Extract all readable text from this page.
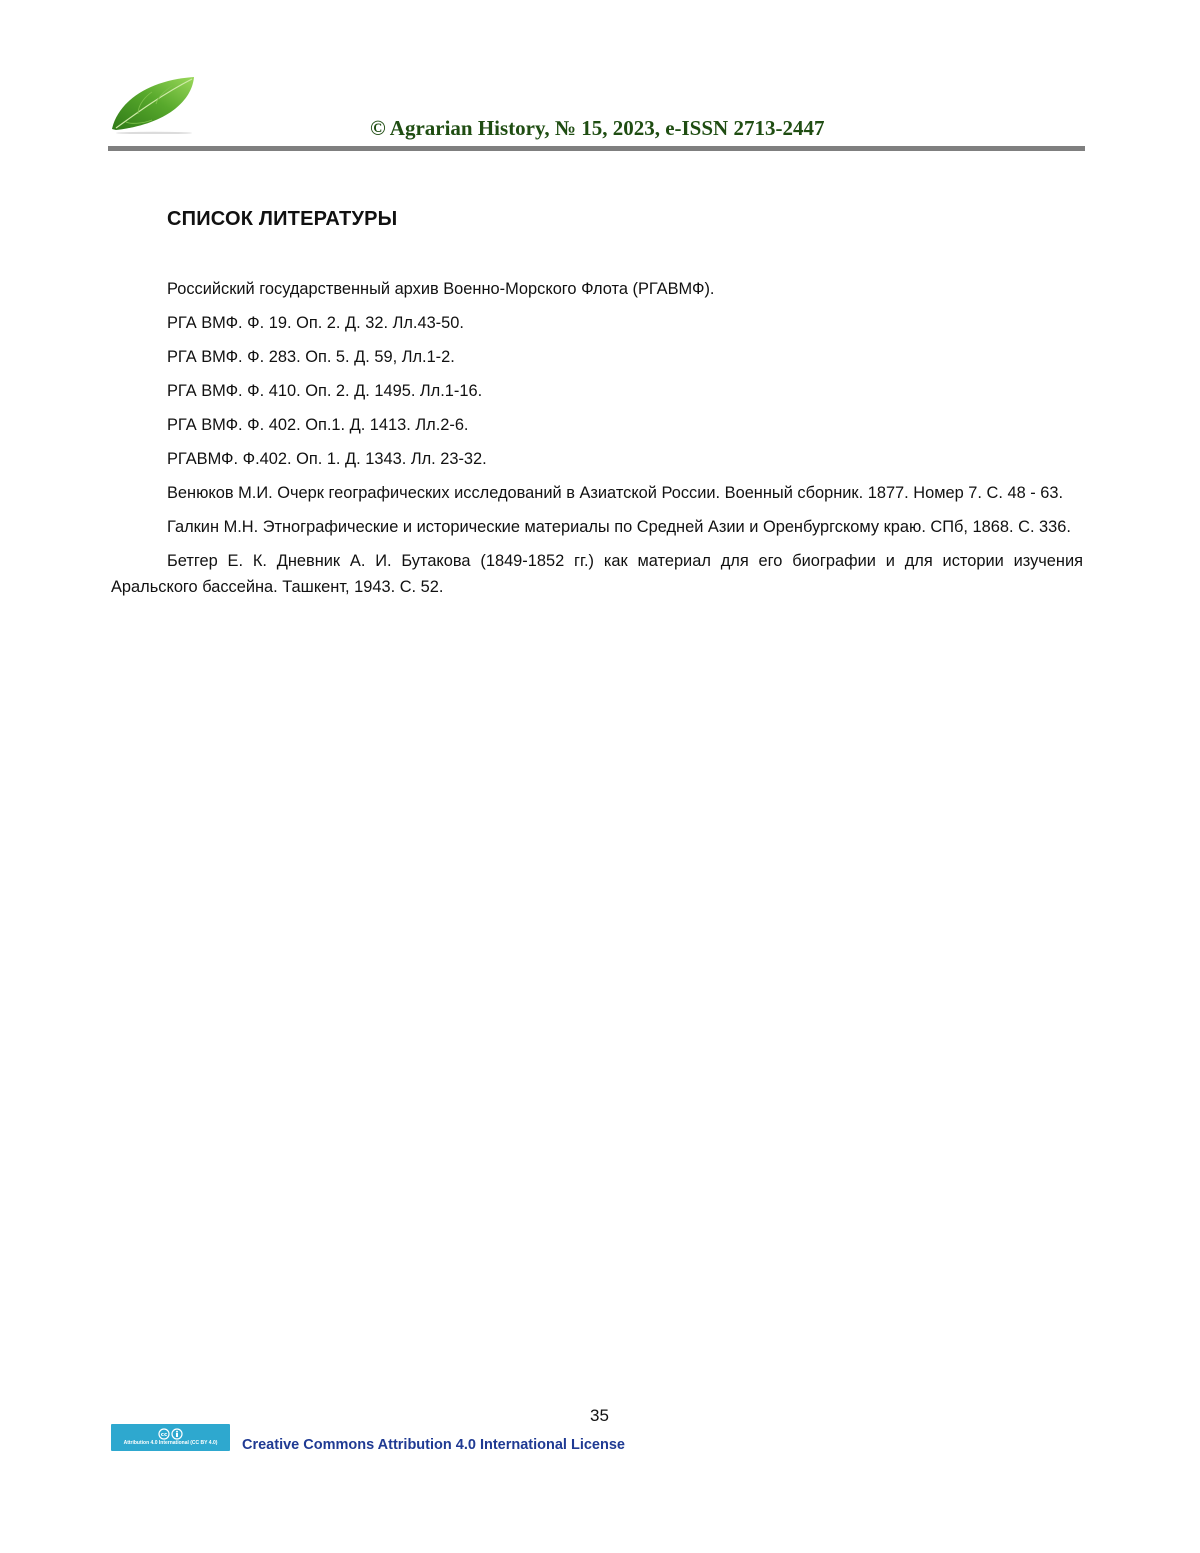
© Agrarian History, № 15, 2023, e-ISSN 2713-2447
СПИСОК ЛИТЕРАТУРЫ

Российский государственный архив Военно-Морского Флота (РГАВМФ).

РГА ВМФ. Ф. 19. Оп. 2. Д. 32. Лл.43-50.

РГА ВМФ. Ф. 283. Оп. 5. Д. 59, Лл.1-2.

РГА ВМФ. Ф. 410. Оп. 2. Д. 1495. Лл.1-16.

РГА ВМФ. Ф. 402. Оп.1. Д. 1413. Лл.2-6.

РГАВМФ. Ф.402. Оп. 1. Д. 1343. Лл. 23-32.

Венюков М.И. Очерк географических исследований в Азиатской России. Военный сборник. 1877. Номер 7. С. 48 - 63.

Галкин М.Н. Этнографические и исторические материалы по Средней Азии и Оренбургскому краю. СПб, 1868. С. 336.

Бетгер Е. К. Дневник А. И. Бутакова (1849-1852 гг.) как материал для его биографии и для истории изучения Аральского бассейна. Ташкент, 1943. С. 52.

35
cc
Attribution 4.0 International (CC BY 4.0)	Creative Commons Attribution 4.0 International License
